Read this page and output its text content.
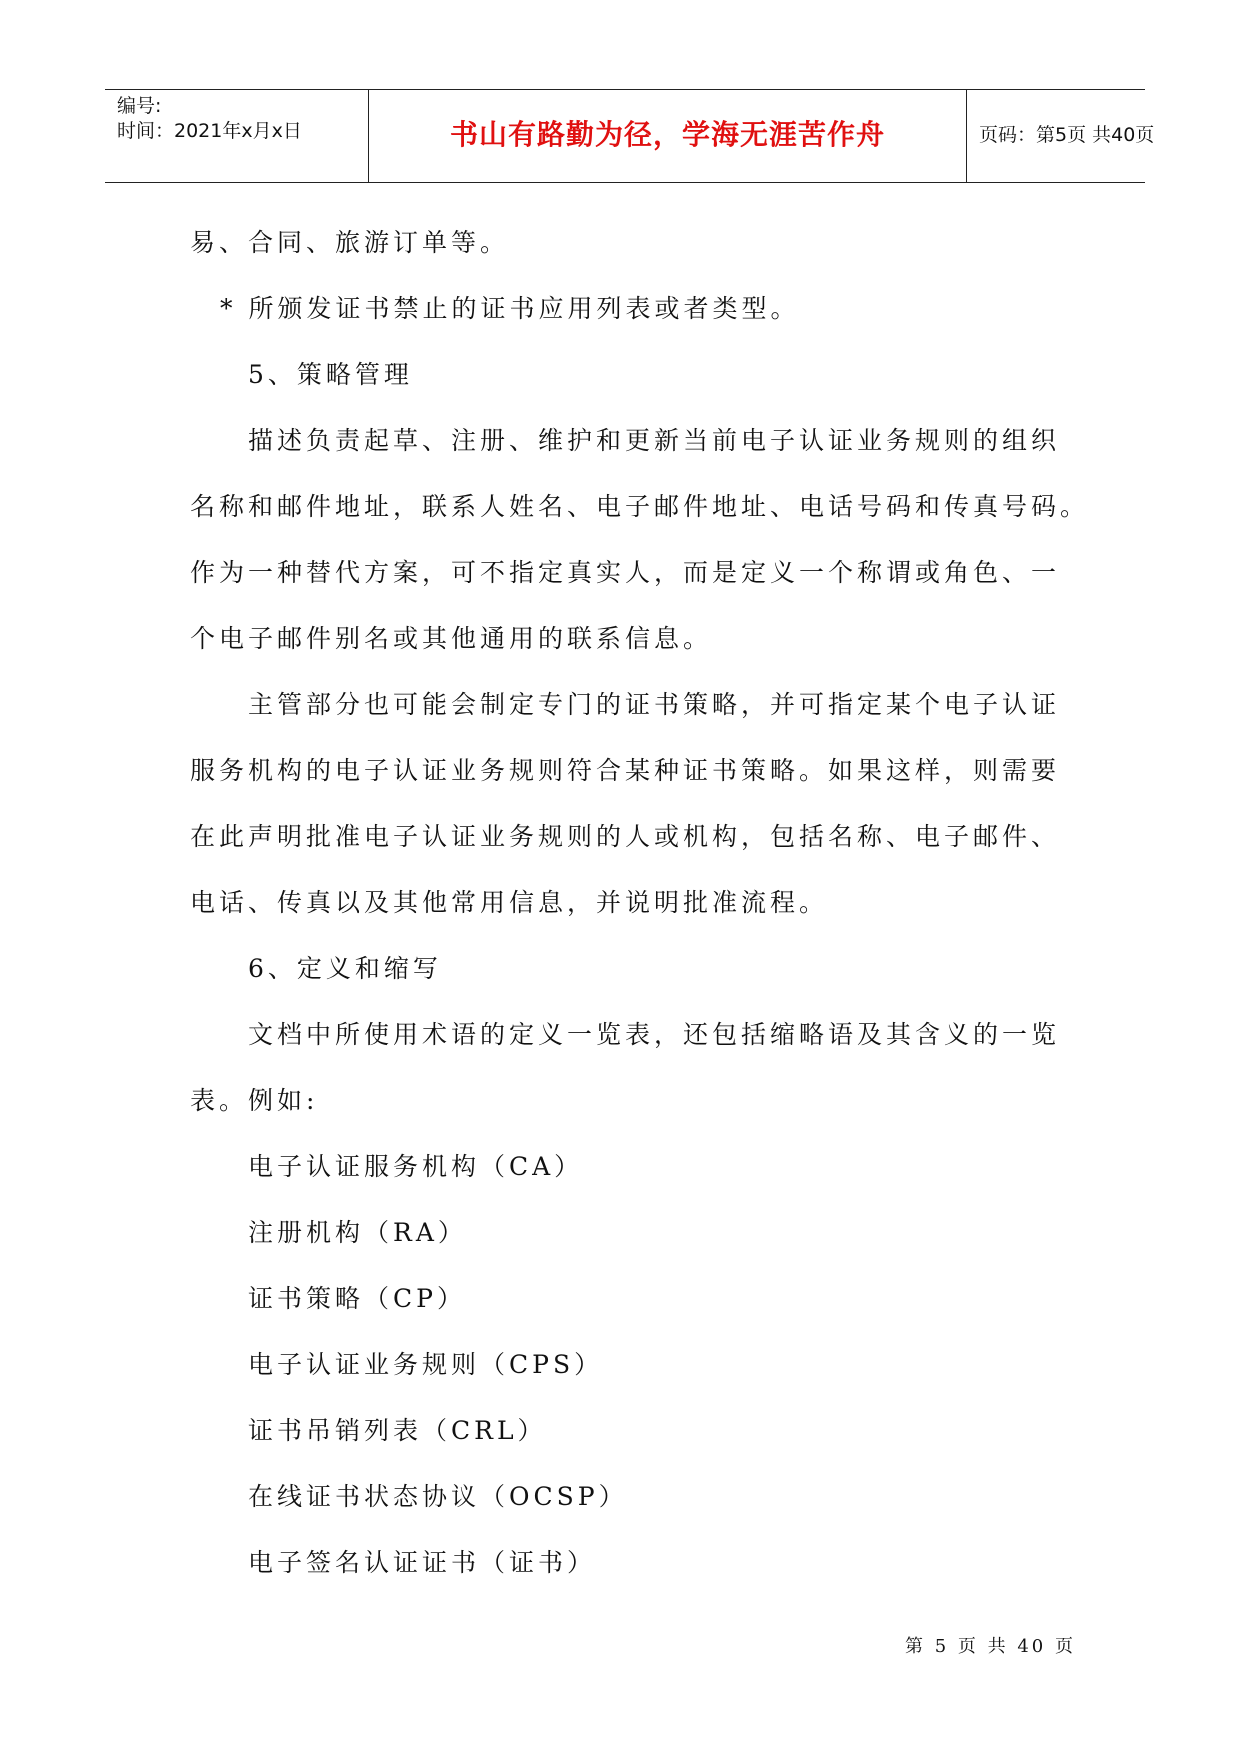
编号:
时间：2021年x月x日	书山有路勤为径，学海无涯苦作舟	页码：第5页 共40页
易、合同、旅游订单等。
* 所颁发证书禁止的证书应用列表或者类型。
5、策略管理
描述负责起草、注册、维护和更新当前电子认证业务规则的组织
名称和邮件地址，联系人姓名、电子邮件地址、电话号码和传真号码。
作为一种替代方案，可不指定真实人，而是定义一个称谓或角色、一
个电子邮件别名或其他通用的联系信息。
主管部分也可能会制定专门的证书策略，并可指定某个电子认证
服务机构的电子认证业务规则符合某种证书策略。如果这样，则需要
在此声明批准电子认证业务规则的人或机构，包括名称、电子邮件、
电话、传真以及其他常用信息，并说明批准流程。
6、定义和缩写
文档中所使用术语的定义一览表，还包括缩略语及其含义的一览
表。例如:
电子认证服务机构（CA）
注册机构（RA）
证书策略（CP）
电子认证业务规则（CPS）
证书吊销列表（CRL）
在线证书状态协议（OCSP）
电子签名认证证书（证书）
第 5 页 共 40 页
